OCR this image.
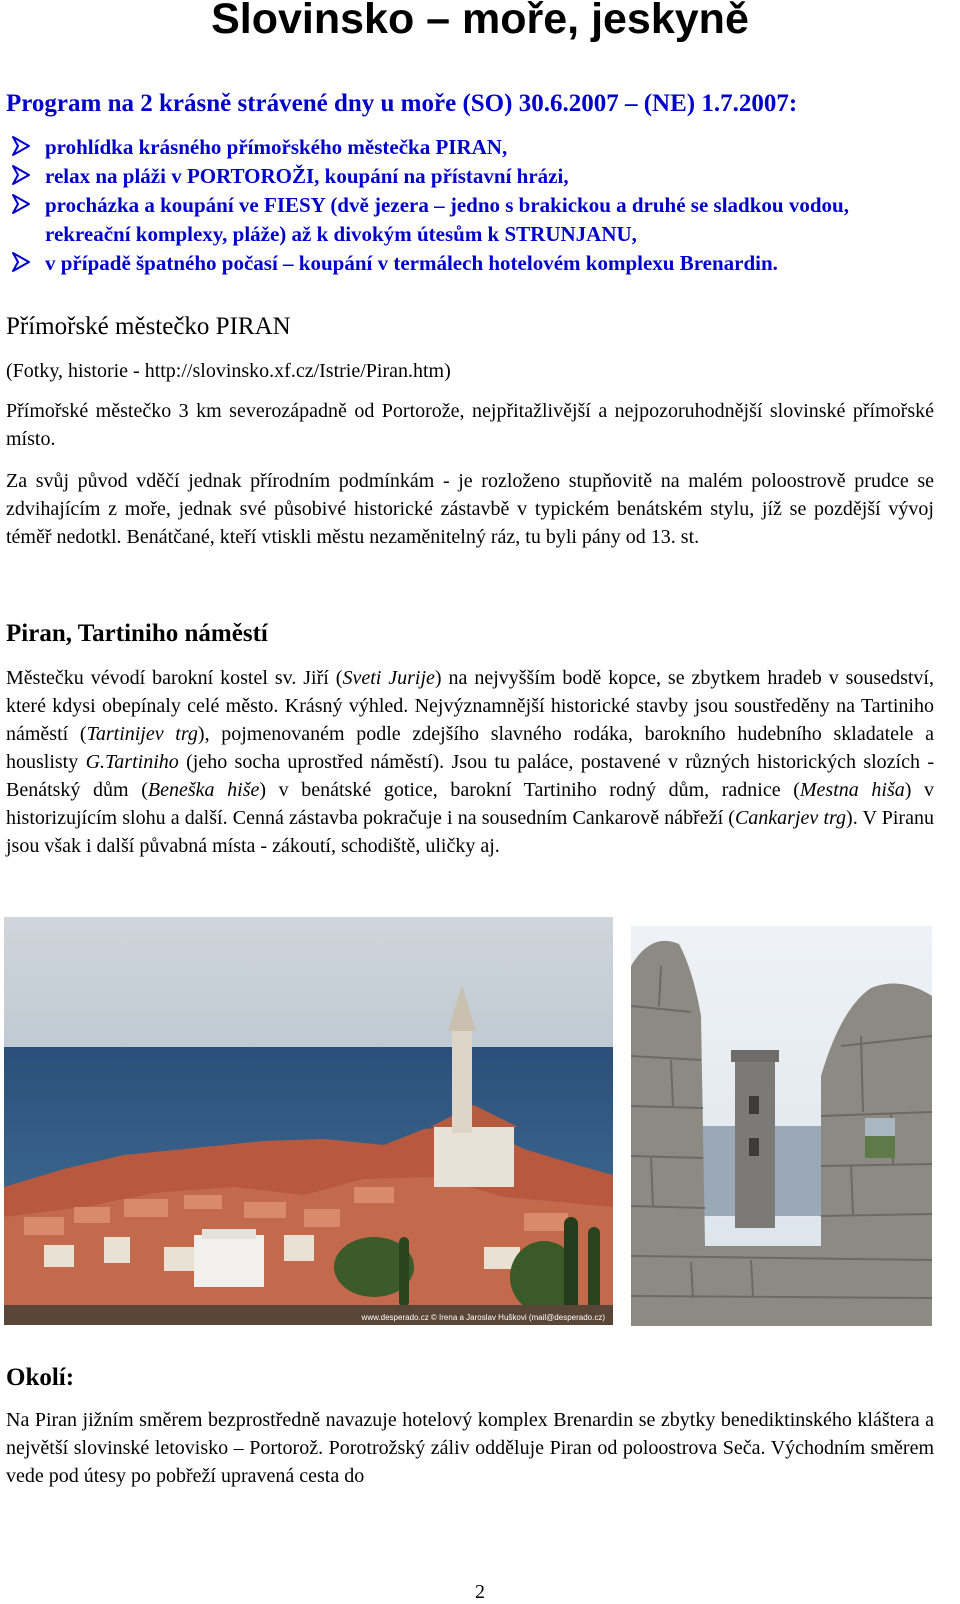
Slovinsko – moře, jeskyně

Program na 2 krásně strávené dny u moře (SO) 30.6.2007 – (NE) 1.7.2007:

prohlídka krásného přímořského městečka PIRAN,
relax na pláži v PORTOROŽI, koupání na přístavní hrázi,
procházka a koupání ve FIESY (dvě jezera – jedno s brakickou a druhé se sladkou vodou, rekreační komplexy, pláže) až k divokým útesům k STRUNJANU,
v případě špatného počasí – koupání v termálech hotelovém komplexu Brenardin.
Přímořské městečko PIRAN

(Fotky, historie - http://slovinsko.xf.cz/Istrie/Piran.htm)

Přímořské městečko 3 km severozápadně od Portorože, nejpřitažlivější a nejpozoruhodnější slovinské přímořské místo.

Za svůj původ vděčí jednak přírodním podmínkám - je rozloženo stupňovitě na malém poloostrově prudce se zdvihajícím z moře, jednak své působivé historické zástavbě v typickém benátském stylu, jíž se pozdější vývoj téměř nedotkl. Benátčané, kteří vtiskli městu nezaměnitelný ráz, tu byli pány od 13. st.

Piran, Tartiniho náměstí

Městečku vévodí barokní kostel sv. Jiří (Sveti Jurije) na nejvyšším bodě kopce, se zbytkem hradeb v sousedství, které kdysi obepínaly celé město. Krásný výhled. Nejvýznamnější historické stavby jsou soustředěny na Tartiniho náměstí (Tartinijev trg), pojmenovaném podle zdejšího slavného rodáka, barokního hudebního skladatele a houslisty G.Tartiniho (jeho socha uprostřed náměstí). Jsou tu paláce, postavené v různých historických slozích - Benátský dům (Beneška hiše) v benátské gotice, barokní Tartiniho rodný dům, radnice (Mestna hiša) v historizujícím slohu a další. Cenná zástavba pokračuje i na sousedním Cankarově nábřeží (Cankarjev trg). V Piranu jsou však i další půvabná místa - zákoutí, schodiště, uličky aj.

www.desperado.cz © Irena a Jaroslav Huškovi (mail@desperado.cz)
Okolí:

Na Piran jižním směrem bezprostředně navazuje hotelový komplex Brenardin se zbytky benediktinského kláštera a největší slovinské letovisko – Portorož. Porotrožský záliv odděluje Piran od poloostrova Seča. Východním směrem vede pod útesy po pobřeží upravená cesta do

2
